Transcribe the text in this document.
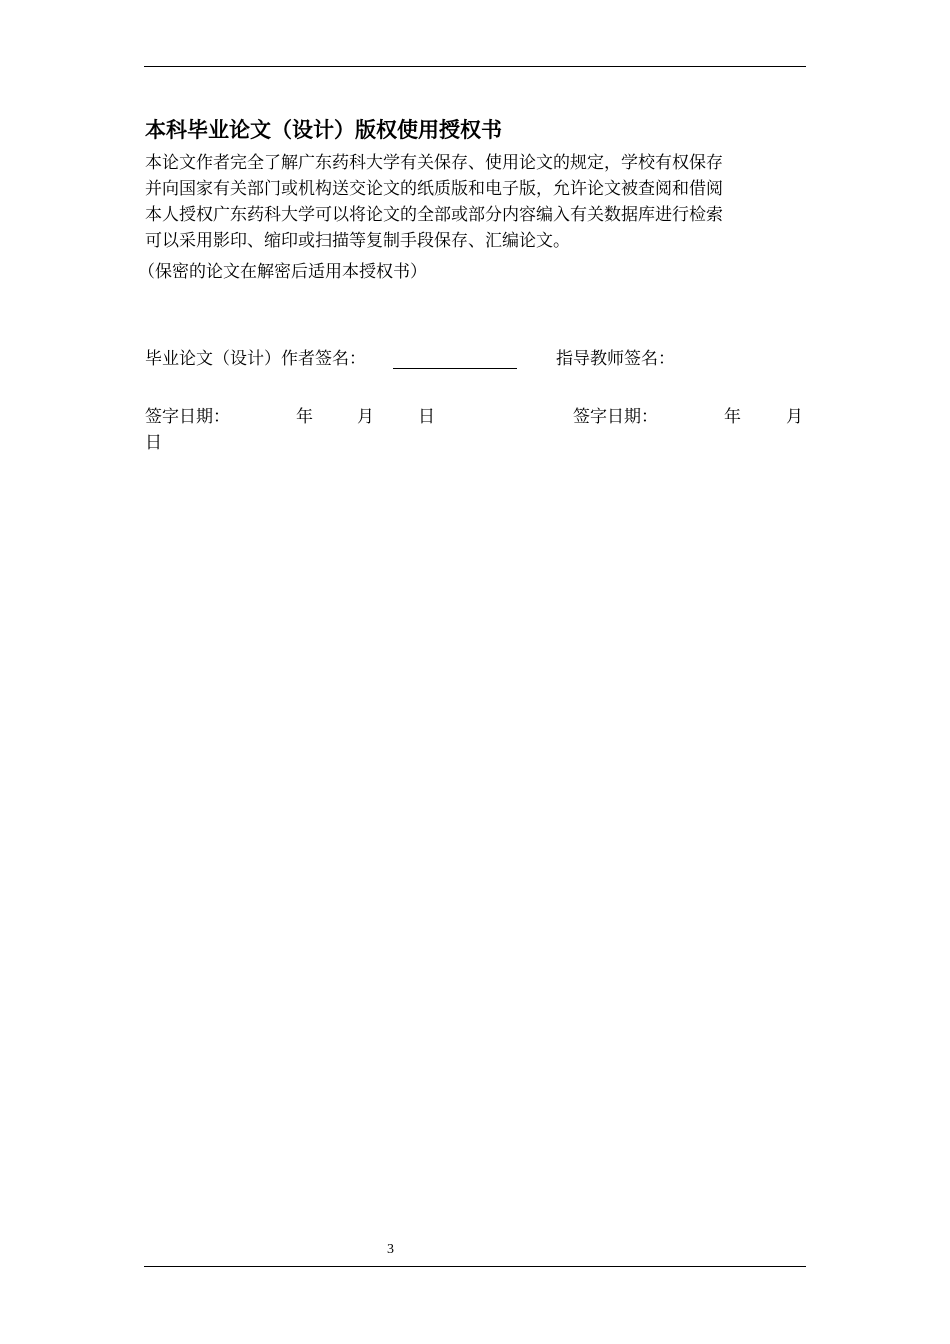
本科毕业论文（设计）版权使用授权书
本论文作者完全了解广东药科大学有关保存、使用论文的规定，学校有权保存
并向国家有关部门或机构送交论文的纸质版和电子版，允许论文被查阅和借阅
本人授权广东药科大学可以将论文的全部或部分内容编入有关数据库进行检索
可以采用影印、缩印或扫描等复制手段保存、汇编论文。
（保密的论文在解密后适用本授权书）
毕业论文（设计）作者签名：	指导教师签名：
签字日期：	年	月	日	签字日期：	年	月
日
3
